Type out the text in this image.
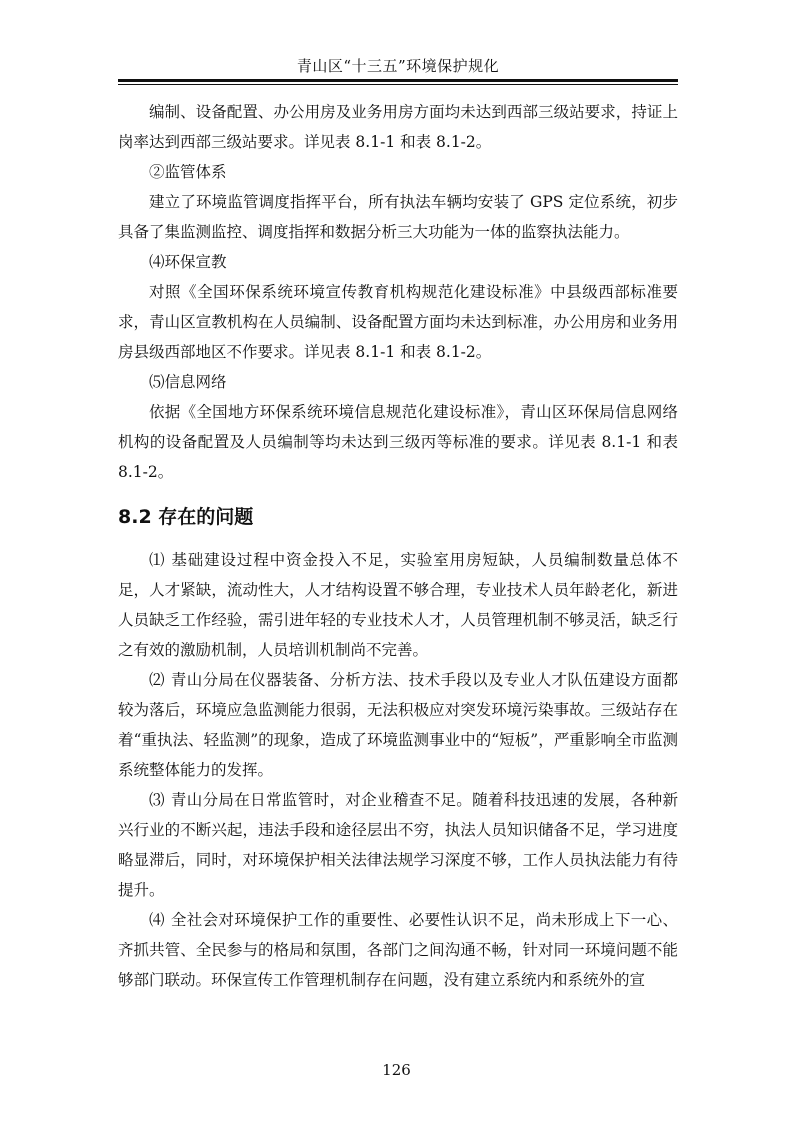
青山区“十三五”环境保护规化

编制、设备配置、办公用房及业务用房方面均未达到西部三级站要求，持证上岗率达到西部三级站要求。详见表 8.1-1 和表 8.1-2。

②监管体系

建立了环境监管调度指挥平台，所有执法车辆均安装了 GPS 定位系统，初步具备了集监测监控、调度指挥和数据分析三大功能为一体的监察执法能力。

⑷环保宣教

对照《全国环保系统环境宣传教育机构规范化建设标准》中县级西部标准要求，青山区宣教机构在人员编制、设备配置方面均未达到标准，办公用房和业务用房县级西部地区不作要求。详见表 8.1-1 和表 8.1-2。

⑸信息网络

依据《全国地方环保系统环境信息规范化建设标准》，青山区环保局信息网络机构的设备配置及人员编制等均未达到三级丙等标准的要求。详见表 8.1-1 和表 8.1-2。

8.2 存在的问题

⑴ 基础建设过程中资金投入不足，实验室用房短缺，人员编制数量总体不足，人才紧缺，流动性大，人才结构设置不够合理，专业技术人员年龄老化，新进人员缺乏工作经验，需引进年轻的专业技术人才，人员管理机制不够灵活，缺乏行之有效的激励机制，人员培训机制尚不完善。

⑵ 青山分局在仪器装备、分析方法、技术手段以及专业人才队伍建设方面都较为落后，环境应急监测能力很弱，无法积极应对突发环境污染事故。三级站存在着“重执法、轻监测”的现象，造成了环境监测事业中的“短板”，严重影响全市监测系统整体能力的发挥。

⑶ 青山分局在日常监管时，对企业稽查不足。随着科技迅速的发展，各种新兴行业的不断兴起，违法手段和途径层出不穷，执法人员知识储备不足，学习进度略显滞后，同时，对环境保护相关法律法规学习深度不够，工作人员执法能力有待提升。

⑷ 全社会对环境保护工作的重要性、必要性认识不足，尚未形成上下一心、齐抓共管、全民参与的格局和氛围，各部门之间沟通不畅，针对同一环境问题不能够部门联动。环保宣传工作管理机制存在问题，没有建立系统内和系统外的宣

126
